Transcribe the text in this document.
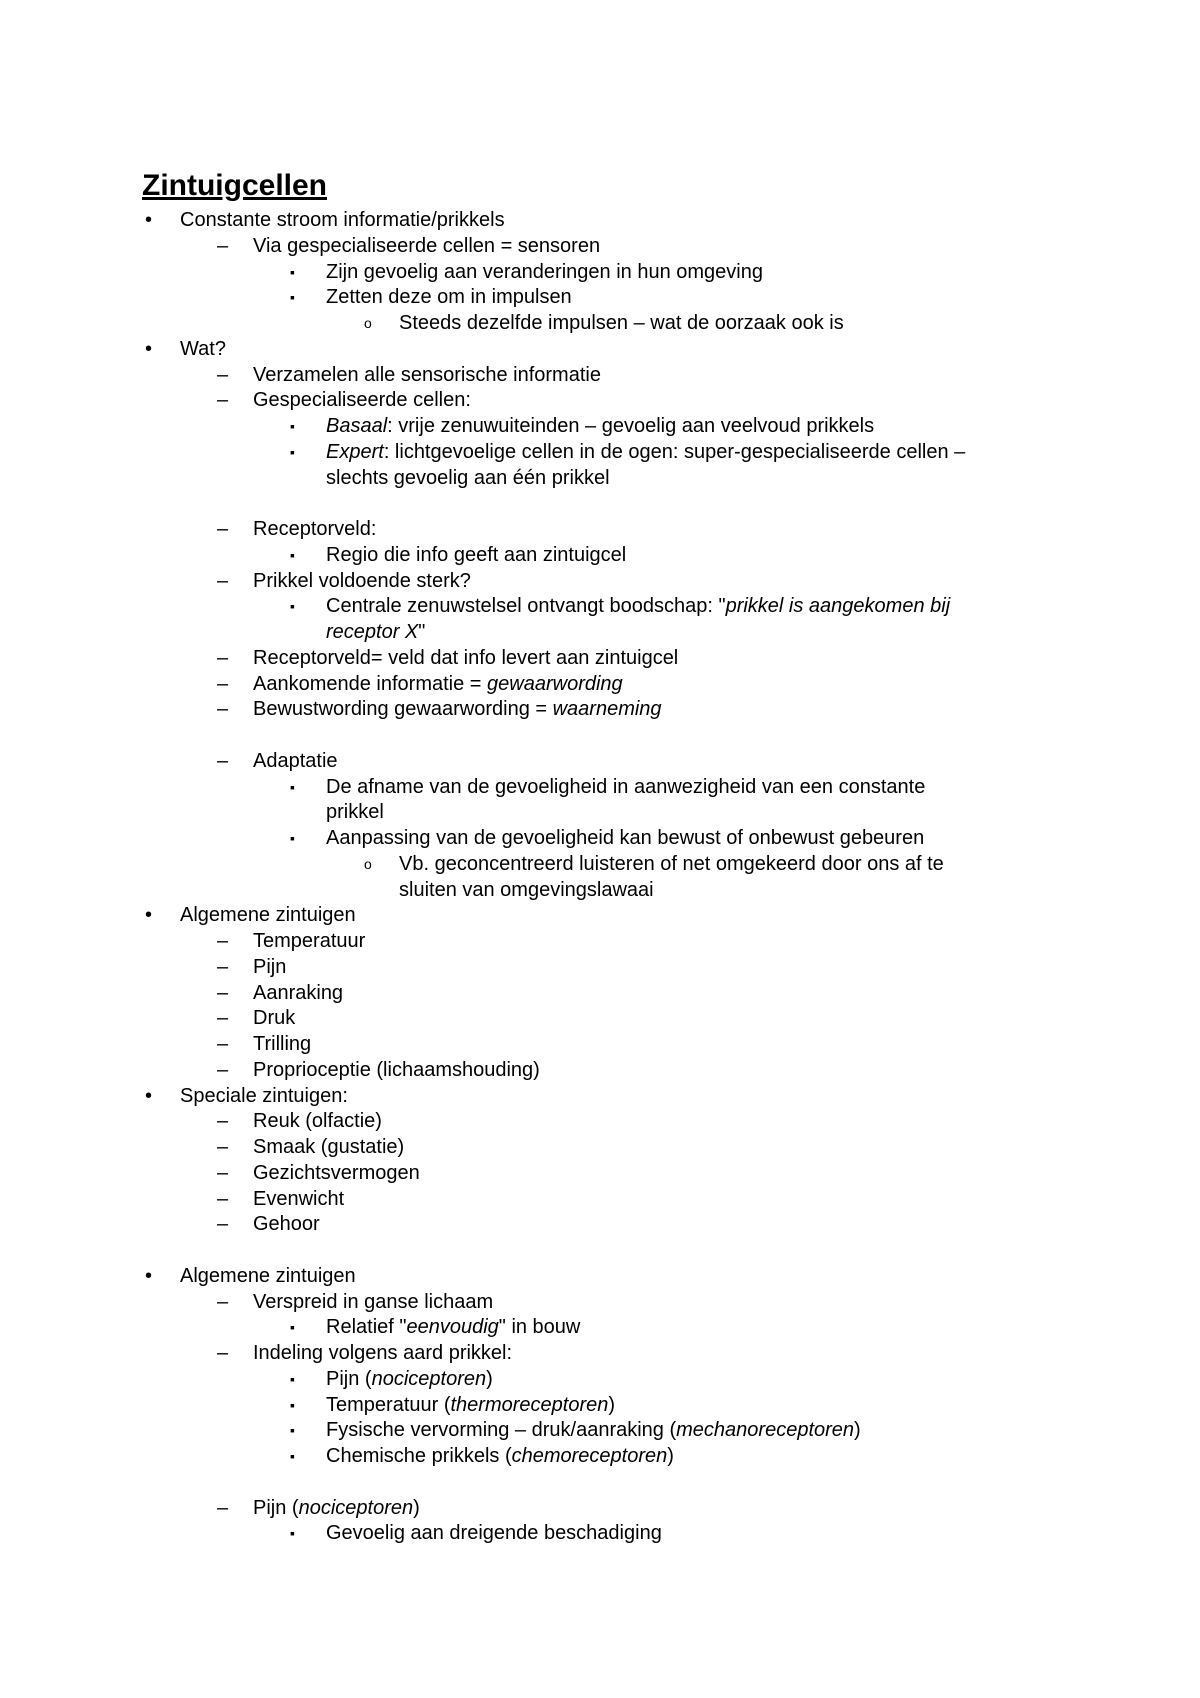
Zintuigcellen
• Constante stroom informatie/prikkels
– Via gespecialiseerde cellen = sensoren
▪ Zijn gevoelig aan veranderingen in hun omgeving
▪ Zetten deze om in impulsen
o Steeds dezelfde impulsen – wat de oorzaak ook is
• Wat?
– Verzamelen alle sensorische informatie
– Gespecialiseerde cellen:
▪ Basaal: vrije zenuwuiteinden – gevoelig aan veelvoud prikkels
▪ Expert: lichtgevoelige cellen in de ogen: super-gespecialiseerde cellen –
slechts gevoelig aan één prikkel
– Receptorveld:
▪ Regio die info geeft aan zintuigcel
– Prikkel voldoende sterk?
▪ Centrale zenuwstelsel ontvangt boodschap: "prikkel is aangekomen bij
receptor X"
– Receptorveld= veld dat info levert aan zintuigcel
– Aankomende informatie = gewaarwording
– Bewustwording gewaarwording = waarneming
– Adaptatie
▪ De afname van de gevoeligheid in aanwezigheid van een constante
prikkel
▪ Aanpassing van de gevoeligheid kan bewust of onbewust gebeuren
o Vb. geconcentreerd luisteren of net omgekeerd door ons af te
sluiten van omgevingslawaai
• Algemene zintuigen
– Temperatuur
– Pijn
– Aanraking
– Druk
– Trilling
– Proprioceptie (lichaamshouding)
• Speciale zintuigen:
– Reuk (olfactie)
– Smaak (gustatie)
– Gezichtsvermogen
– Evenwicht
– Gehoor
• Algemene zintuigen
– Verspreid in ganse lichaam
▪ Relatief "eenvoudig" in bouw
– Indeling volgens aard prikkel:
▪ Pijn (nociceptoren)
▪ Temperatuur (thermoreceptoren)
▪ Fysische vervorming – druk/aanraking (mechanoreceptoren)
▪ Chemische prikkels (chemoreceptoren)
– Pijn (nociceptoren)
▪ Gevoelig aan dreigende beschadiging
